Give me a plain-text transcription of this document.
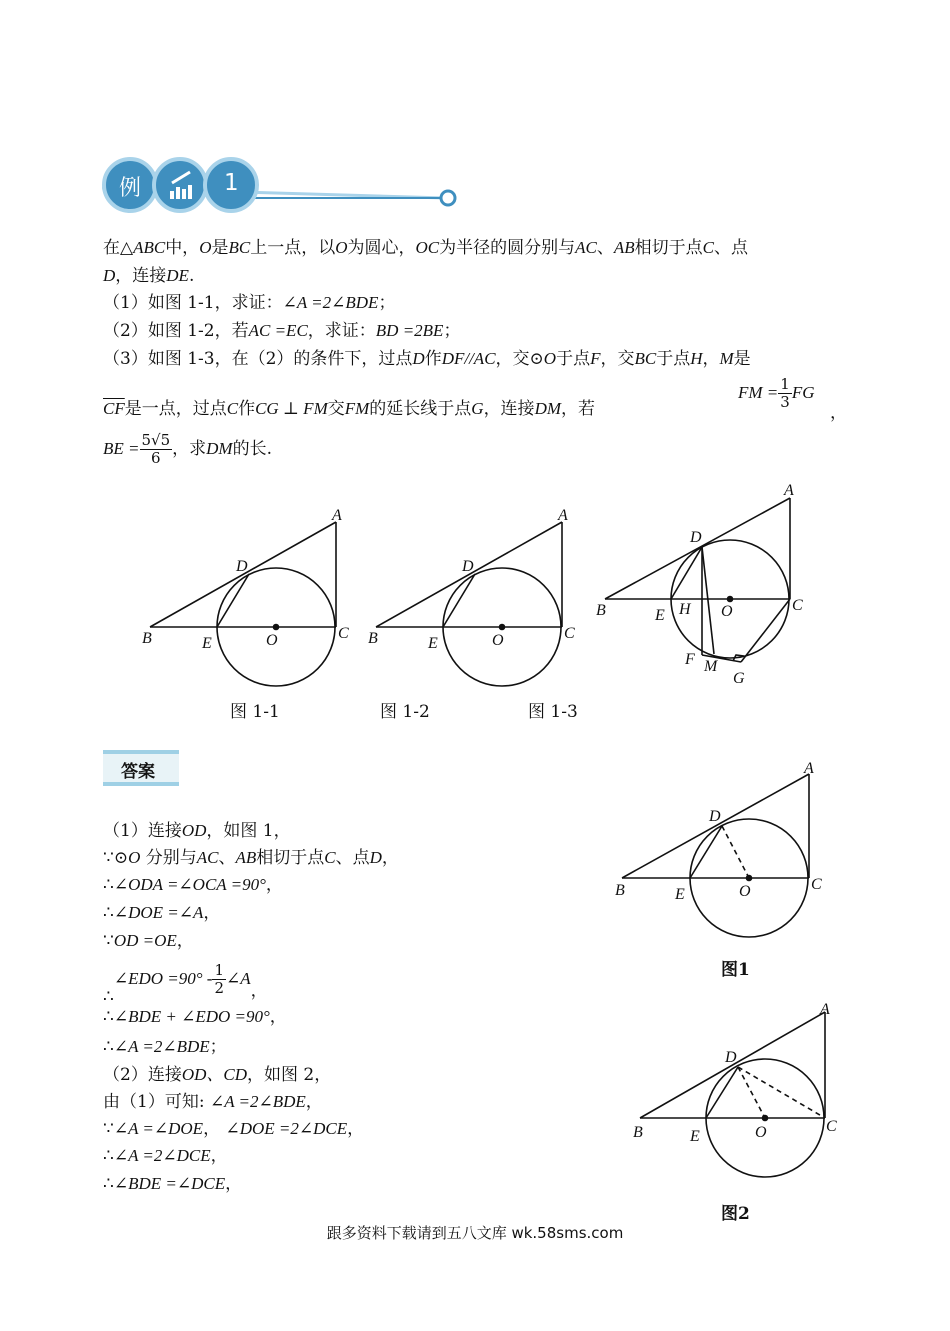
例	1
在△ABC中，O是BC上一点，以O为圆心，OC为半径的圆分别与AC、AB相切于点C、点
D，连接DE.
（1）如图 1-1，求证：∠A =2∠BDE；
（2）如图 1-2，若AC =EC，求证：BD =2BE；
（3）如图 1-3，在（2）的条件下，过点D作DF//AC，交⊙O于点F，交BC于点H，M是
$\overline{CF}$是一点，过点C作CG ⊥ FM交FM的延长线于点G，连接DM，若
FM = $\frac{1}{3}$ FG
，
BE = $\frac{5√5}{6}$ ，求DM的长.
A
B	C
D
E	O
A
B	C
D
E	O
A
B	C
D
E H O
F M
G
图 1-1	图 1-2	图 1-3
答案
（1）连接OD，如图 1，
∵⊙O 分别与AC、AB相切于点C、点D，
∴∠ODA =∠OCA =90°，
∴∠DOE =∠A，
∵OD =OE，
∴∠EDO $=90^\circ - \frac{1}{2}$ ∠A，
∴∠BDE + ∠EDO =90°，
∴∠A =2∠BDE；
（2）连接OD、CD，如图 2，
由（1）可知: ∠A =2∠BDE，
∵∠A =∠DOE， ∠DOE =2∠DCE，
∴∠A =2∠DCE，
∴∠BDE =∠DCE，
A
B	C
D
E	O
A
B	C
D
E	O
图1
图2
跟多资料下载请到五八文库 wk.58sms.com
